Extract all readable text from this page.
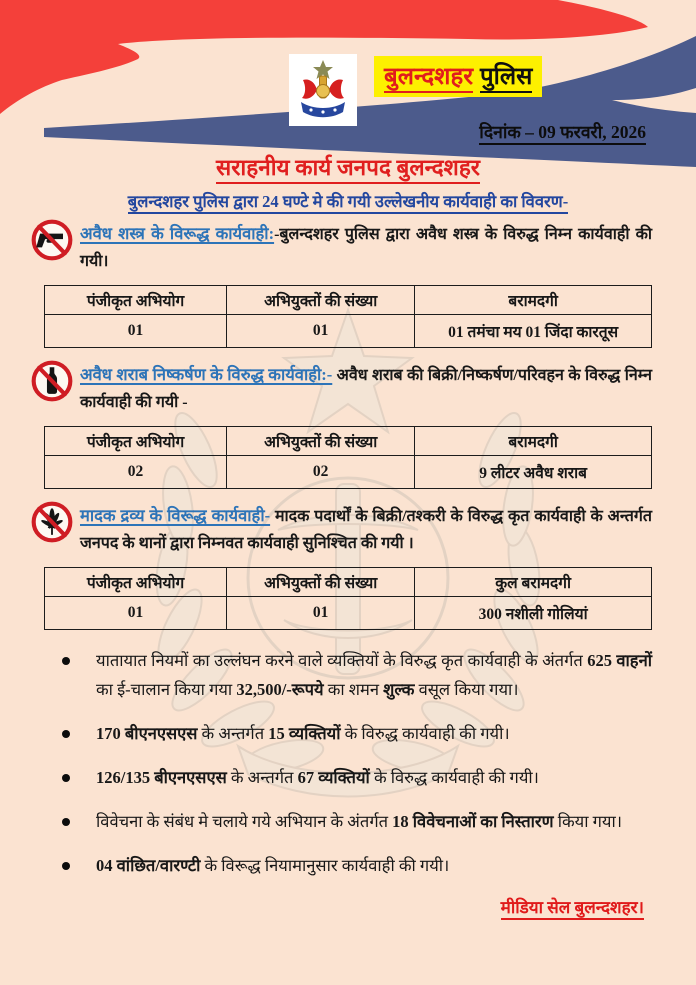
बुलन्दशहर पुलिस
दिनांक – 09 फरवरी, 2026
सराहनीय कार्य जनपद बुलन्दशहर
बुलन्दशहर पुलिस द्वारा 24 घण्टे मे की गयी उल्लेखनीय कार्यवाही का विवरण-
अवैध शस्त्र के विरूद्ध कार्यवाही:-बुलन्दशहर पुलिस द्वारा अवैध शस्त्र के विरुद्ध निम्न कार्यवाही की गयी।
पंजीकृत अभियोग	अभियुक्तों की संख्या	बरामदगी
01	01	01 तमंचा मय 01 जिंदा कारतूस
अवैध शराब निष्कर्षण के विरुद्ध कार्यवाही:- अवैध शराब की बिक्री/निष्कर्षण/परिवहन के विरुद्ध निम्न कार्यवाही की गयी -
पंजीकृत अभियोग	अभियुक्तों की संख्या	बरामदगी
02	02	9 लीटर अवैध शराब
मादक द्रव्य के विरूद्ध कार्यवाही- मादक पदार्थों के बिक्री/तश्करी के विरुद्ध कृत कार्यवाही के अन्तर्गत जनपद के थानों द्वारा निम्नवत कार्यवाही सुनिश्चित की गयी ।
पंजीकृत अभियोग	अभियुक्तों की संख्या	कुल बरामदगी
01	01	300 नशीली गोलियां
यातायात नियमों का उल्लंघन करने वाले व्यक्तियों के विरुद्ध कृत कार्यवाही के अंतर्गत 625 वाहनों का ई-चालान किया गया 32,500/-रूपये का शमन शुल्क वसूल किया गया।
170 बीएनएसएस के अन्तर्गत 15 व्यक्तियों के विरुद्ध कार्यवाही की गयी।
126/135 बीएनएसएस के अन्तर्गत 67 व्यक्तियों के विरुद्ध कार्यवाही की गयी।
विवेचना के संबंध मे चलाये गये अभियान के अंतर्गत 18 विवेचनाओं का निस्तारण किया गया।
04 वांछित/वारण्टी के विरूद्ध नियामानुसार कार्यवाही की गयी।
मीडिया सेल बुलन्दशहर।
